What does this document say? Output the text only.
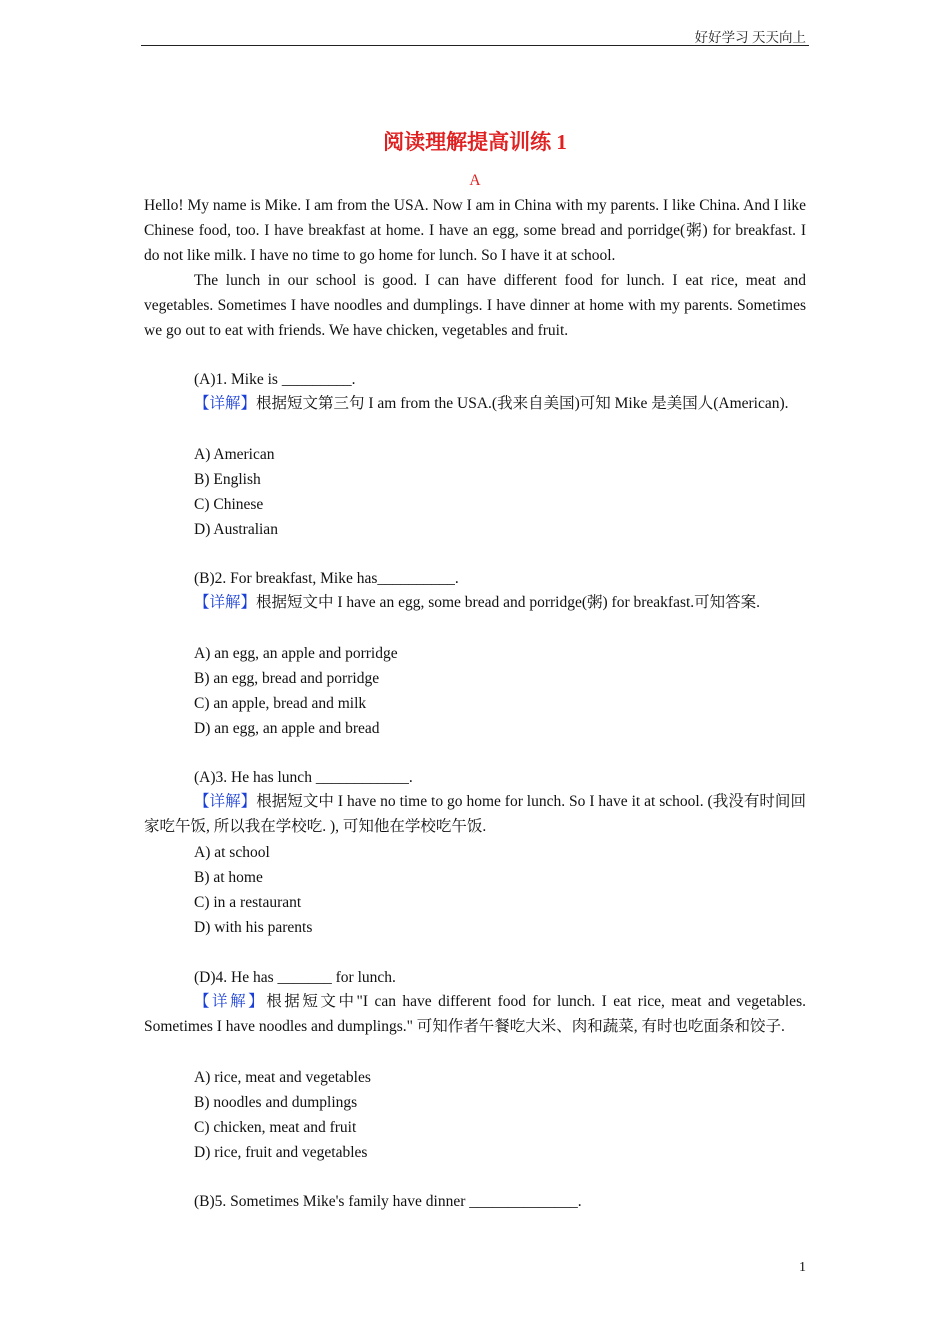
好好学习 天天向上
阅读理解提高训练 1
A

Hello! My name is Mike. I am from the USA. Now I am in China with my parents. I like China. And I like Chinese food, too. I have breakfast at home. I have an egg, some bread and porridge(粥) for breakfast. I do not like milk. I have no time to go home for lunch. So I have it at school.

The lunch in our school is good. I can have different food for lunch. I eat rice, meat and vegetables. Sometimes I have noodles and dumplings. I have dinner at home with my parents. Sometimes we go out to eat with friends. We have chicken, vegetables and fruit.

(A)1. Mike is _________.

【详解】根据短文第三句 I am from the USA.(我来自美国)可知 Mike 是美国人(American).

A) American
B) English
C) Chinese
D) Australian
(B)2. For breakfast, Mike has__________.
【详解】根据短文中 I have an egg, some bread and porridge(粥) for breakfast.可知答案.
A) an egg, an apple and porridge
B) an egg, bread and porridge
C) an apple, bread and milk
D) an egg, an apple and bread
(A)3. He has lunch ____________.

【详解】根据短文中 I have no time to go home for lunch. So I have it at school. (我没有时间回家吃午饭, 所以我在学校吃. ), 可知他在学校吃午饭.

A) at school
B) at home
C) in a restaurant
D) with his parents
(D)4. He has _______ for lunch.

【详解】根据短文中"I can have different food for lunch. I eat rice, meat and vegetables. Sometimes I have noodles and dumplings." 可知作者午餐吃大米、肉和蔬菜, 有时也吃面条和饺子.

A) rice, meat and vegetables
B) noodles and dumplings
C) chicken, meat and fruit
D) rice, fruit and vegetables
(B)5. Sometimes Mike's family have dinner ______________.
1
